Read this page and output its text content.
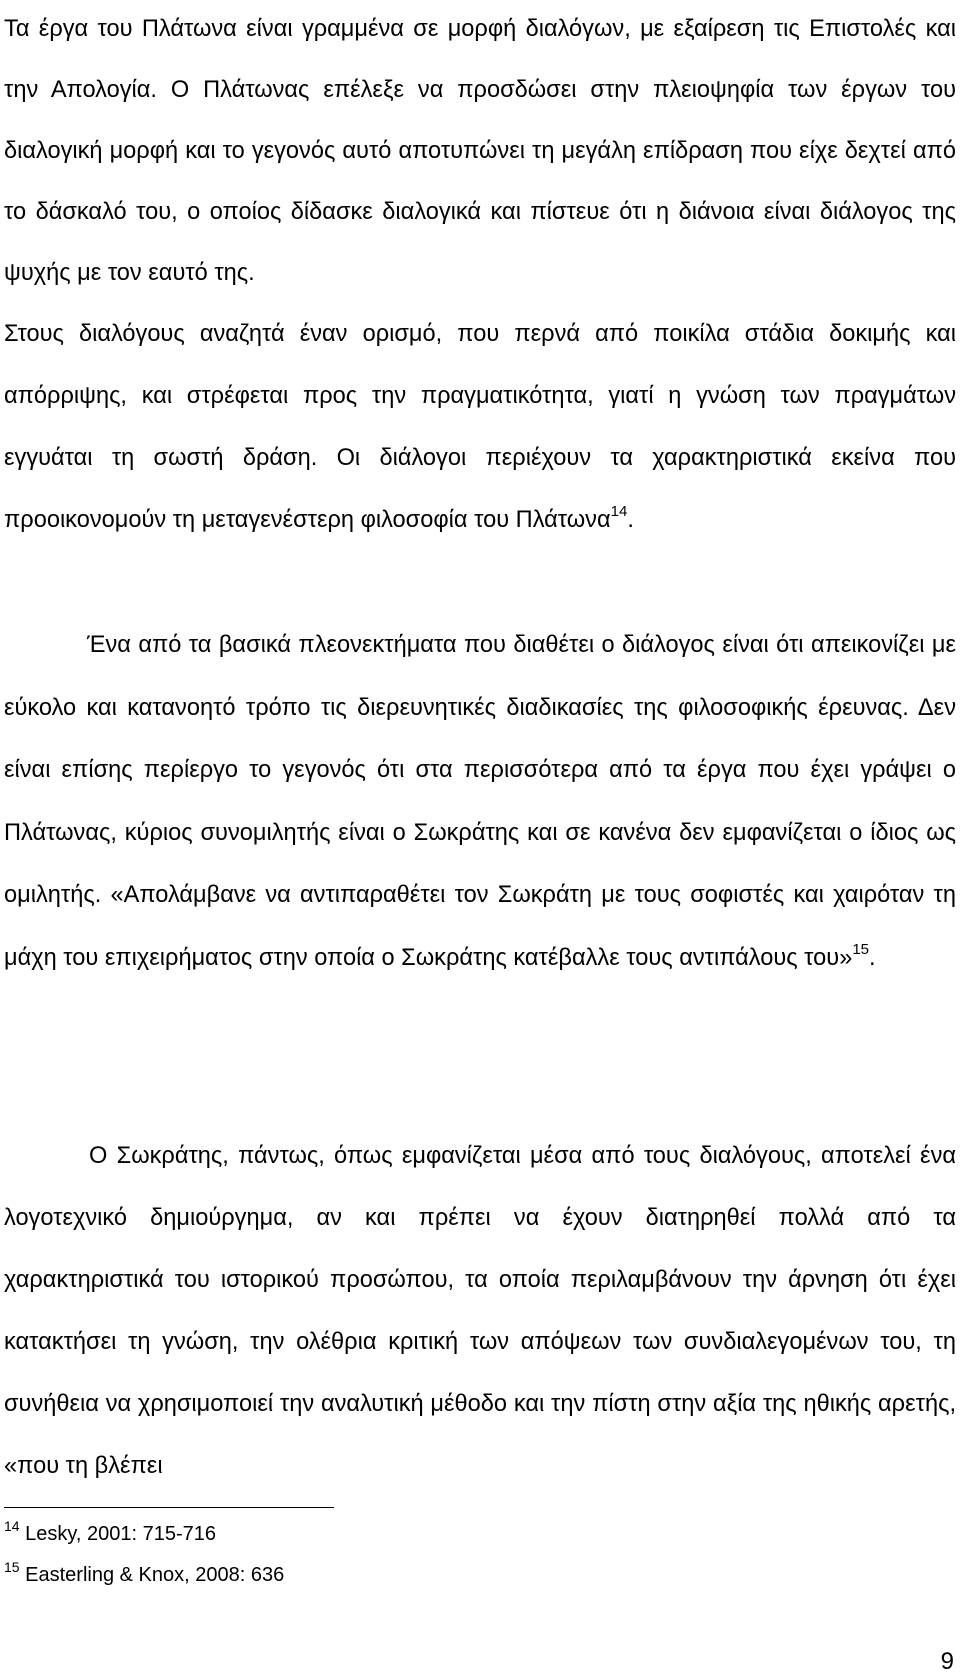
Τα έργα του Πλάτωνα είναι γραμμένα σε μορφή διαλόγων, με εξαίρεση τις Επιστολές και την Απολογία. Ο Πλάτωνας επέλεξε να προσδώσει στην πλειοψηφία των έργων του διαλογική μορφή και το γεγονός αυτό αποτυπώνει τη μεγάλη επίδραση που είχε δεχτεί από το δάσκαλό του, ο οποίος δίδασκε διαλογικά και πίστευε ότι η διάνοια είναι διάλογος της ψυχής με τον εαυτό της.

Στους διαλόγους αναζητά έναν ορισμό, που περνά από ποικίλα στάδια δοκιμής και απόρριψης, και στρέφεται προς την πραγματικότητα, γιατί η γνώση των πραγμάτων εγγυάται τη σωστή δράση. Οι διάλογοι περιέχουν τα χαρακτηριστικά εκείνα που προοικονομούν τη μεταγενέστερη φιλοσοφία του Πλάτωνα$^{14}$.

Ένα από τα βασικά πλεονεκτήματα που διαθέτει ο διάλογος είναι ότι απεικονίζει με εύκολο και κατανοητό τρόπο τις διερευνητικές διαδικασίες της φιλοσοφικής έρευνας. Δεν είναι επίσης περίεργο το γεγονός ότι στα περισσότερα από τα έργα που έχει γράψει ο Πλάτωνας, κύριος συνομιλητής είναι ο Σωκράτης και σε κανένα δεν εμφανίζεται ο ίδιος ως ομιλητής. «Απολάμβανε να αντιπαραθέτει τον Σωκράτη με τους σοφιστές και χαιρόταν τη μάχη του επιχειρήματος στην οποία ο Σωκράτης κατέβαλλε τους αντιπάλους του»$^{15}$.

Ο Σωκράτης, πάντως, όπως εμφανίζεται μέσα από τους διαλόγους, αποτελεί ένα λογοτεχνικό δημιούργημα, αν και πρέπει να έχουν διατηρηθεί πολλά από τα χαρακτηριστικά του ιστορικού προσώπου, τα οποία περιλαμβάνουν την άρνηση ότι έχει κατακτήσει τη γνώση, την ολέθρια κριτική των απόψεων των συνδιαλεγομένων του, τη συνήθεια να χρησιμοποιεί την αναλυτική μέθοδο και την πίστη στην αξία της ηθικής αρετής, «που τη βλέπει

$^{14}$ Lesky, 2001: 715-716
$^{15}$ Easterling & Knox, 2008: 636
9
